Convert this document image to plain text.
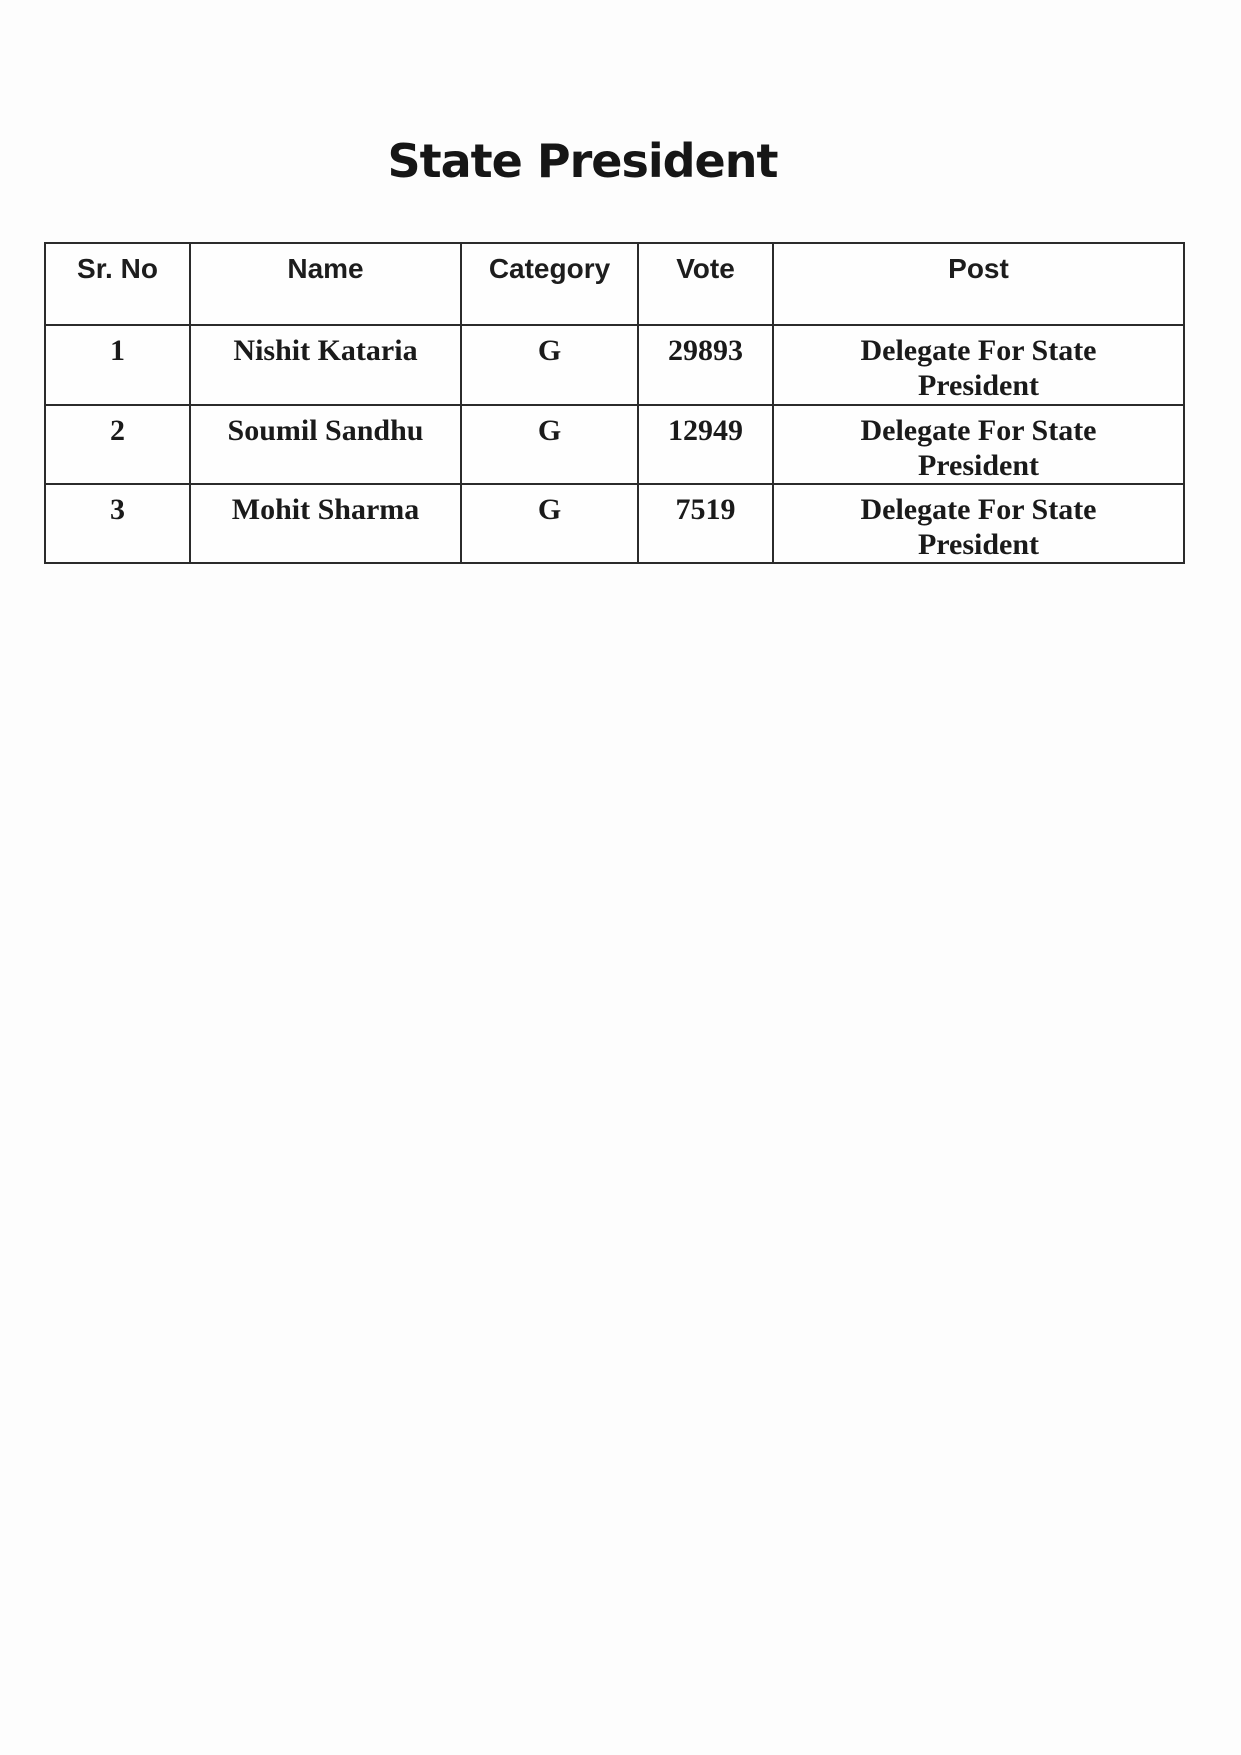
State President
Sr. No	Name	Category	Vote	Post
1	Nishit Kataria	G	29893	Delegate For State President

2	Soumil Sandhu	G	12949	Delegate For State President

3	Mohit Sharma	G	7519	Delegate For State President
